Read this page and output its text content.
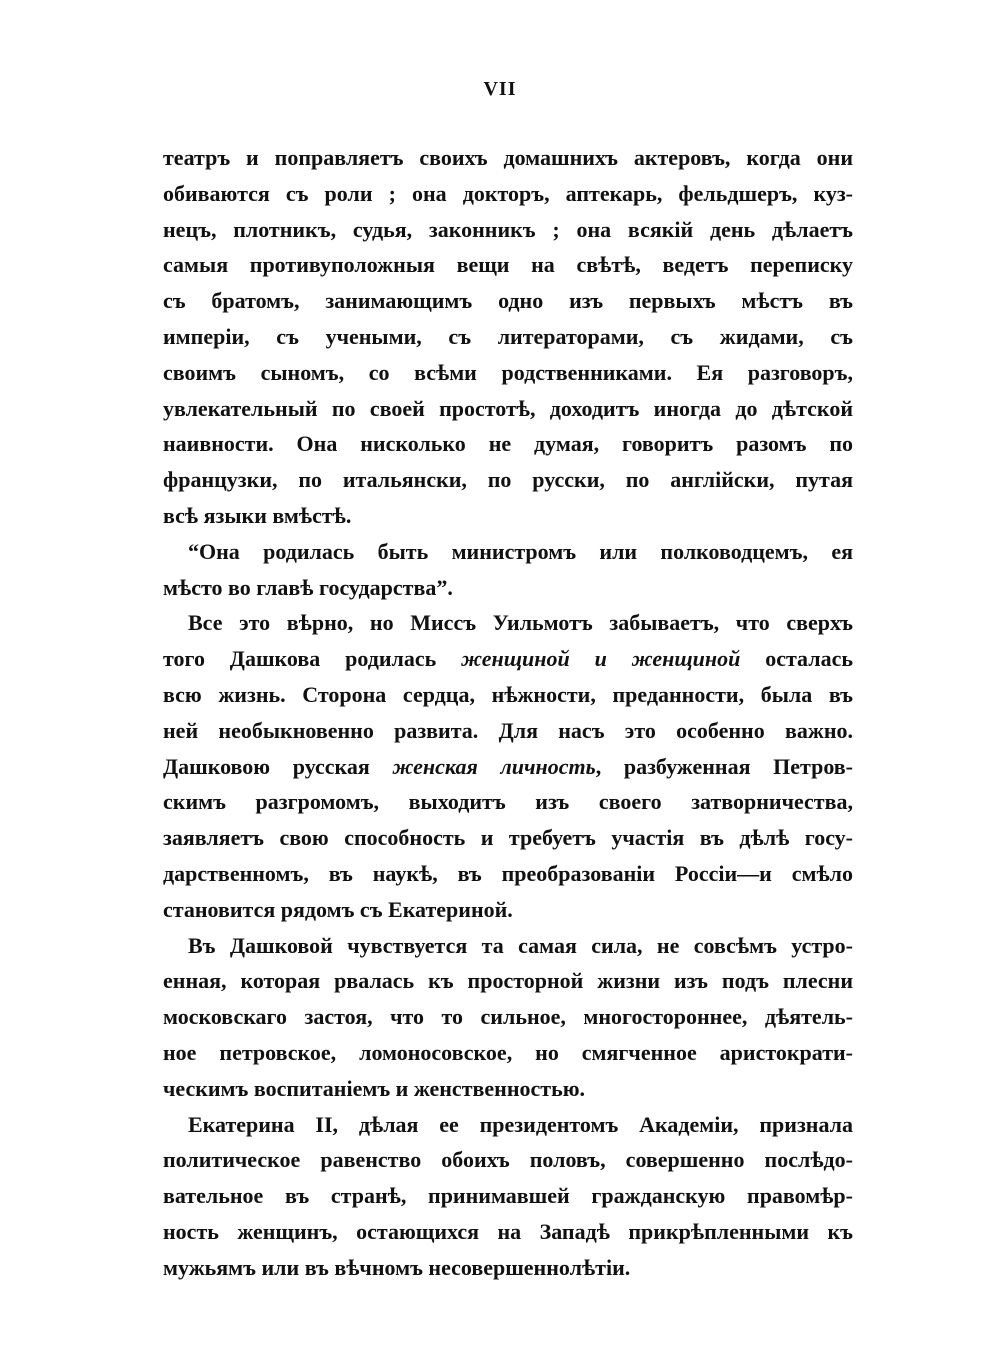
VII
театръ и поправляетъ своихъ домашнихъ актеровъ, когда они
обиваются съ роли ; она докторъ, аптекарь, фельдшеръ, куз-
нецъ, плотникъ, судья, законникъ ; она всякій день дѣлаетъ
самыя противуположныя вещи на свѣтѣ, ведетъ переписку
съ братомъ, занимающимъ одно изъ первыхъ мѣстъ въ
имперіи, съ учеными, съ литераторами, съ жидами, съ
своимъ сыномъ, со всѣми родственниками. Ея разговоръ,
увлекательный по своей простотѣ, доходитъ иногда до дѣтской
наивности. Она нисколько не думая, говоритъ разомъ по
французки, по итальянски, по русски, по англійски, путая
всѣ языки вмѣстѣ.
“Она родилась быть министромъ или полководцемъ, ея
мѣсто во главѣ государства”.
Все это вѣрно, но Миссъ Уильмотъ забываетъ, что сверхъ
того Дашкова родилась женщиной и женщиной осталась
всю жизнь. Сторона сердца, нѣжности, преданности, была въ
ней необыкновенно развита. Для насъ это особенно важно.
Дашковою русская женская личность, разбуженная Петров-
скимъ разгромомъ, выходитъ изъ своего затворничества,
заявляетъ свою способность и требуетъ участія въ дѣлѣ госу-
дарственномъ, въ наукѣ, въ преобразованіи Россіи—и смѣло
становится рядомъ съ Екатериной.
Въ Дашковой чувствуется та самая сила, не совсѣмъ устро-
енная, которая рвалась къ просторной жизни изъ подъ плесни
московскаго застоя, что то сильное, многостороннее, дѣятель-
ное петровское, ломоносовское, но смягченное аристократи-
ческимъ воспитаніемъ и женственностью.
Екатерина II, дѣлая ее президентомъ Академіи, признала
политическое равенство обоихъ половъ, совершенно послѣдо-
вательное въ странѣ, принимавшей гражданскую правомѣр-
ность женщинъ, остающихся на Западѣ прикрѣпленными къ
мужьямъ или въ вѣчномъ несовершеннолѣтіи.
